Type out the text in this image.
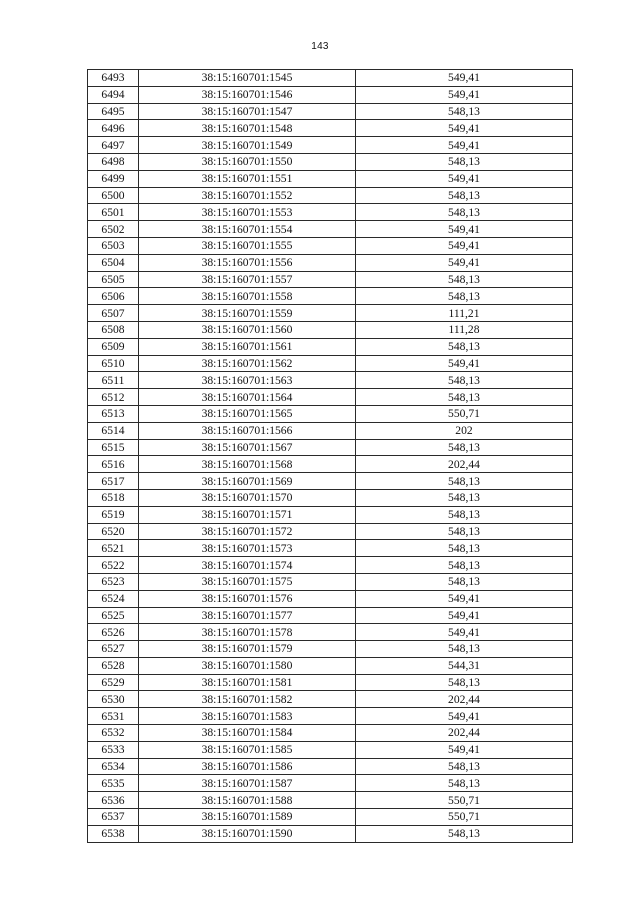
143
6493	38:15:160701:1545	549,41
6494	38:15:160701:1546	549,41
6495	38:15:160701:1547	548,13
6496	38:15:160701:1548	549,41
6497	38:15:160701:1549	549,41
6498	38:15:160701:1550	548,13
6499	38:15:160701:1551	549,41
6500	38:15:160701:1552	548,13
6501	38:15:160701:1553	548,13
6502	38:15:160701:1554	549,41
6503	38:15:160701:1555	549,41
6504	38:15:160701:1556	549,41
6505	38:15:160701:1557	548,13
6506	38:15:160701:1558	548,13
6507	38:15:160701:1559	111,21
6508	38:15:160701:1560	111,28
6509	38:15:160701:1561	548,13
6510	38:15:160701:1562	549,41
6511	38:15:160701:1563	548,13
6512	38:15:160701:1564	548,13
6513	38:15:160701:1565	550,71
6514	38:15:160701:1566	202
6515	38:15:160701:1567	548,13
6516	38:15:160701:1568	202,44
6517	38:15:160701:1569	548,13
6518	38:15:160701:1570	548,13
6519	38:15:160701:1571	548,13
6520	38:15:160701:1572	548,13
6521	38:15:160701:1573	548,13
6522	38:15:160701:1574	548,13
6523	38:15:160701:1575	548,13
6524	38:15:160701:1576	549,41
6525	38:15:160701:1577	549,41
6526	38:15:160701:1578	549,41
6527	38:15:160701:1579	548,13
6528	38:15:160701:1580	544,31
6529	38:15:160701:1581	548,13
6530	38:15:160701:1582	202,44
6531	38:15:160701:1583	549,41
6532	38:15:160701:1584	202,44
6533	38:15:160701:1585	549,41
6534	38:15:160701:1586	548,13
6535	38:15:160701:1587	548,13
6536	38:15:160701:1588	550,71
6537	38:15:160701:1589	550,71
6538	38:15:160701:1590	548,13
